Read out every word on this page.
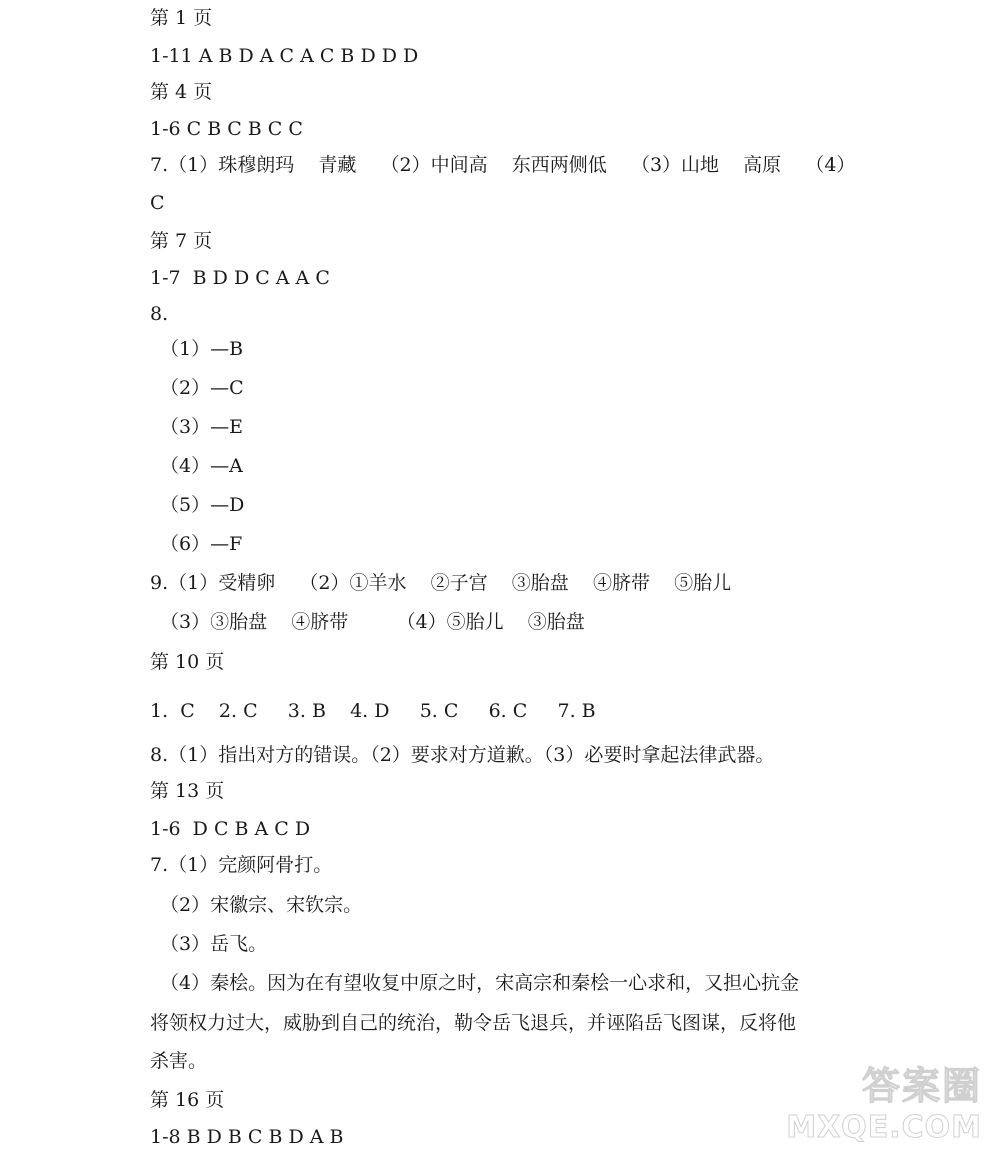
第 1 页
1-11 A B D A C A C B D D D
第 4 页
1-6 C B C B C C
7.（1）珠穆朗玛    青藏    （2）中间高    东西两侧低    （3）山地    高原    （4）
C
第 7 页
1-7  B D D C A A C
8.
（1）—B
（2）—C
（3）—E
（4）—A
（5）—D
（6）—F
9.（1）受精卵    （2）①羊水    ②子宫    ③胎盘    ④脐带    ⑤胎儿
（3）③胎盘    ④脐带        （4）⑤胎儿    ③胎盘
第 10 页
1.  C    2. C     3. B    4. D     5. C     6. C     7. B
8.（1）指出对方的错误。（2）要求对方道歉。（3）必要时拿起法律武器。
第 13 页
1-6  D C B A C D
7.（1）完颜阿骨打。
（2）宋徽宗、宋钦宗。
（3）岳飞。
（4）秦桧。因为在有望收复中原之时，宋高宗和秦桧一心求和，又担心抗金
将领权力过大，威胁到自己的统治，勒令岳飞退兵，并诬陷岳飞图谋，反将他
杀害。
第 16 页
1-8 B D B C B D A B
答案圈
MXQE.COM
